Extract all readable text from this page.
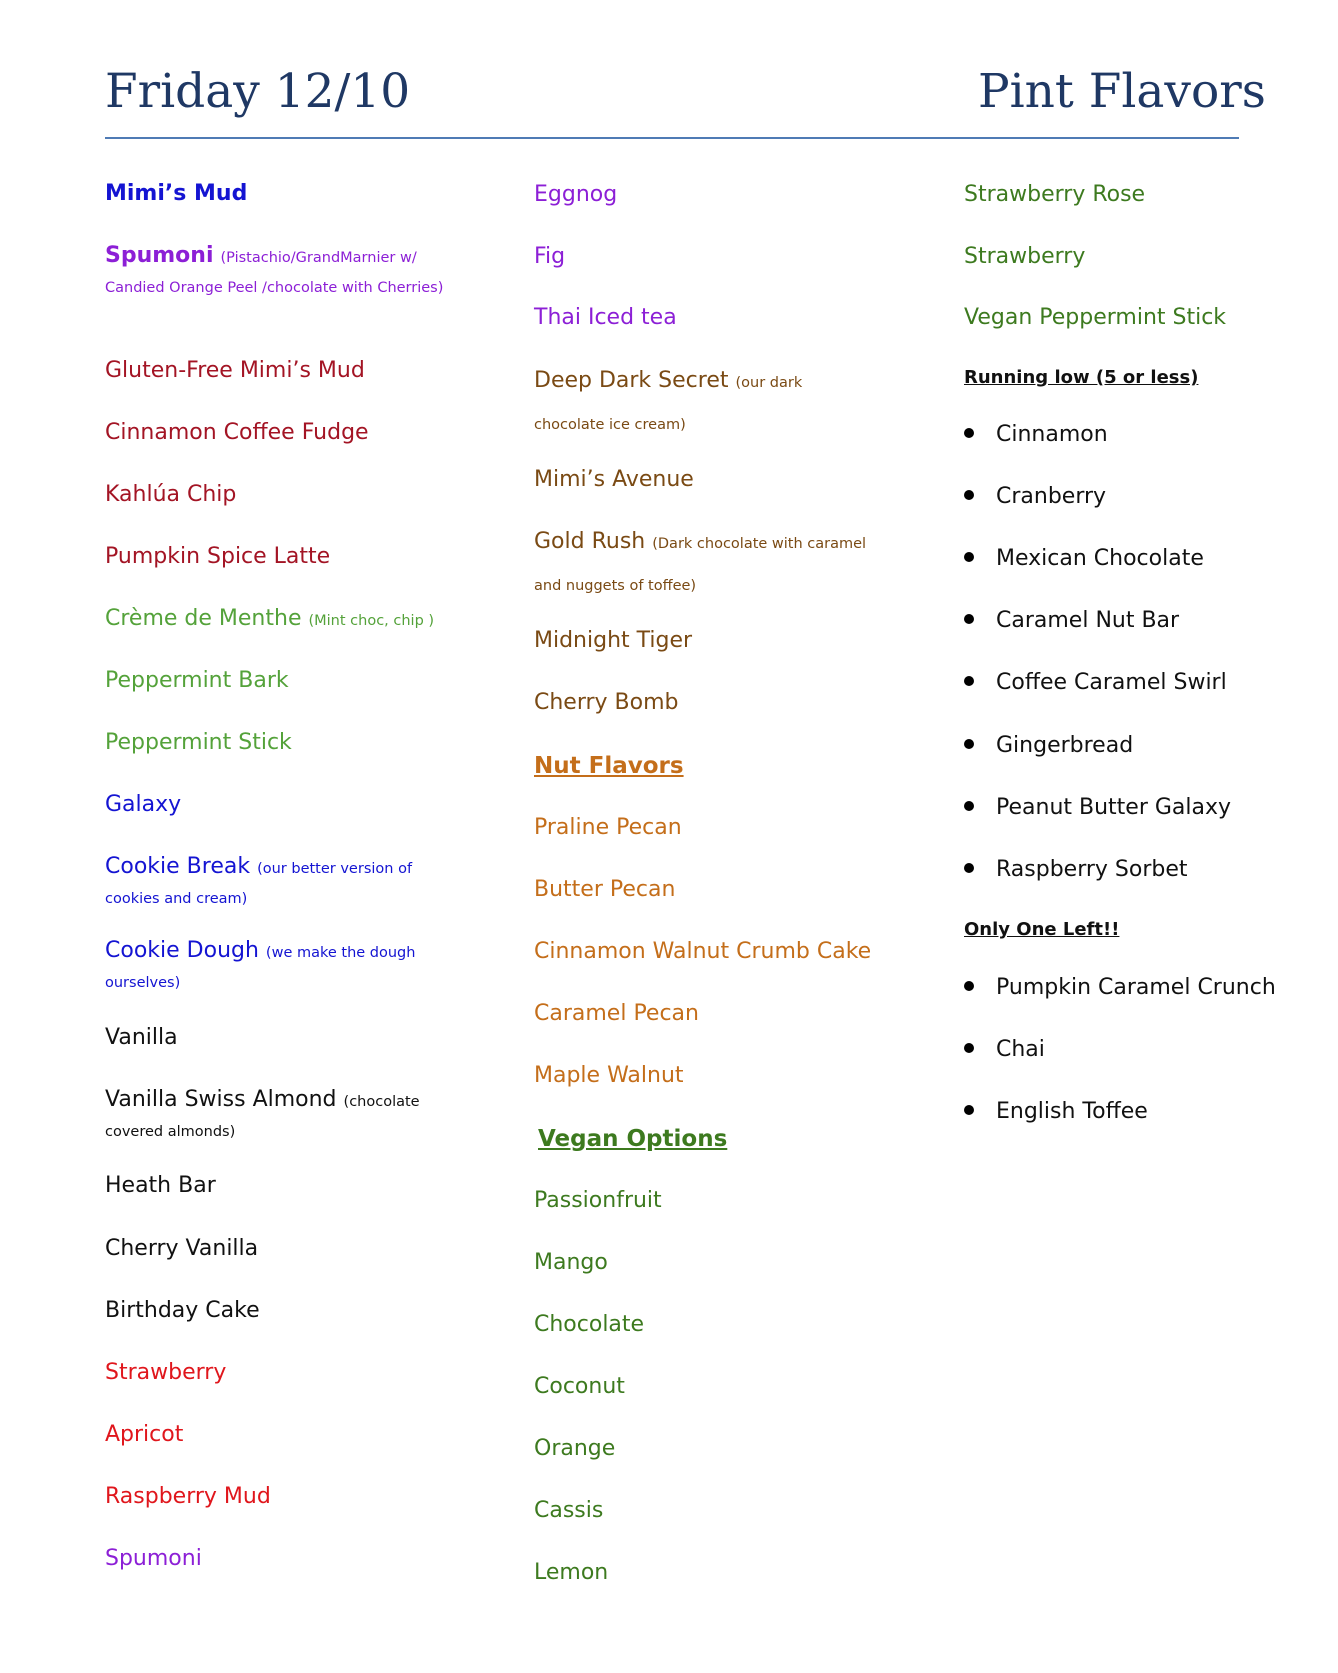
Friday 12/10	Pint Flavors
Mimi’s Mud
Spumoni (Pistachio/GrandMarnier w/ Candied Orange Peel /chocolate with Cherries)
Gluten-Free Mimi’s Mud
Cinnamon Coffee Fudge
Kahlúa Chip
Pumpkin Spice Latte
Crème de Menthe (Mint choc, chip )
Peppermint Bark
Peppermint Stick
Galaxy
Cookie Break (our better version of cookies and cream)
Cookie Dough (we make the dough ourselves)
Vanilla
Vanilla Swiss Almond (chocolate covered almonds)
Heath Bar
Cherry Vanilla
Birthday Cake
Strawberry
Apricot
Raspberry Mud
Spumoni
Eggnog
Fig
Thai Iced tea
Deep Dark Secret (our dark chocolate ice cream)
Mimi’s Avenue
Gold Rush (Dark chocolate with caramel and nuggets of toffee)
Midnight Tiger
Cherry Bomb
Nut Flavors
Praline Pecan
Butter Pecan
Cinnamon Walnut Crumb Cake
Caramel Pecan
Maple Walnut
Vegan Options
Passionfruit
Mango
Chocolate
Coconut
Orange
Cassis
Lemon
Strawberry Rose
Strawberry
Vegan Peppermint Stick
Running low (5 or less)
Cinnamon
Cranberry
Mexican Chocolate
Caramel Nut Bar
Coffee Caramel Swirl
Gingerbread
Peanut Butter Galaxy
Raspberry Sorbet
Only One Left!!
Pumpkin Caramel Crunch
Chai
English Toffee
